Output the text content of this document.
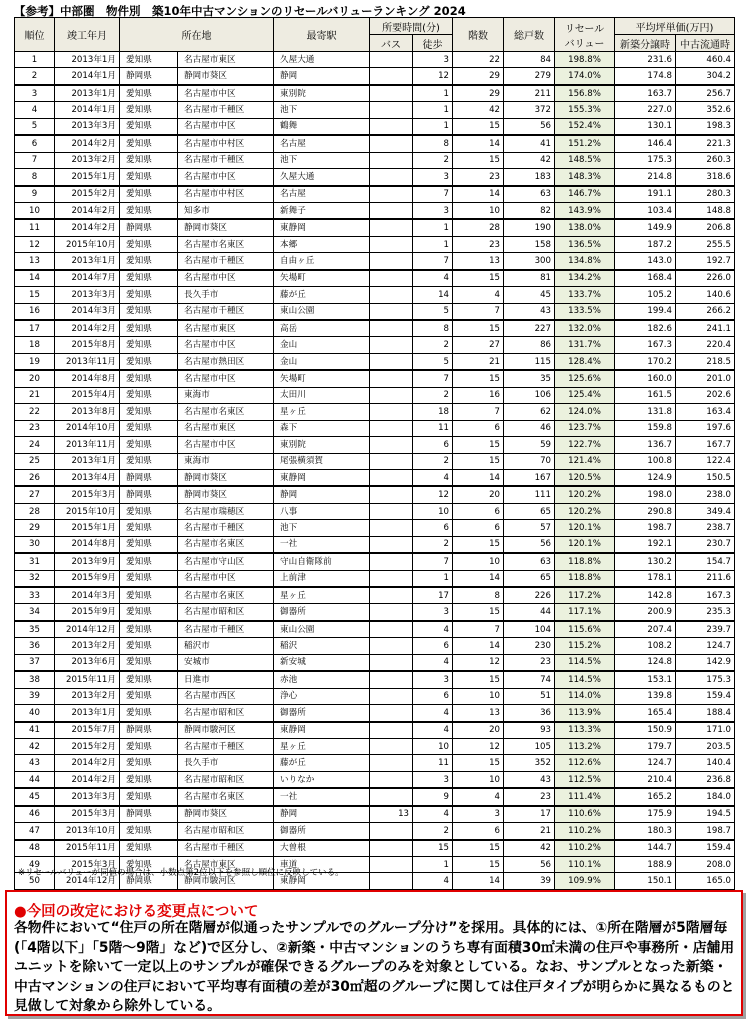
【参考】中部圏　物件別　築10年中古マンションのリセールバリューランキング 2024
順位	竣工年月	所在地		最寄駅	所要時間(分)		階数	総戸数	リセール
バリュー	平均坪単価(万円)	
					バス	徒歩				新築分譲時	中古流通時
1	2013年1月	愛知県	名古屋市東区	久屋大通		3	22	84	198.8%	231.6	460.4
2	2014年1月	静岡県	静岡市葵区	静岡		12	29	279	174.0%	174.8	304.2
3	2013年1月	愛知県	名古屋市中区	東別院		1	29	211	156.8%	163.7	256.7
4	2014年1月	愛知県	名古屋市千種区	池下		1	42	372	155.3%	227.0	352.6
5	2013年3月	愛知県	名古屋市中区	鶴舞		1	15	56	152.4%	130.1	198.3
6	2014年2月	愛知県	名古屋市中村区	名古屋		8	14	41	151.2%	146.4	221.3
7	2013年2月	愛知県	名古屋市千種区	池下		2	15	42	148.5%	175.3	260.3
8	2015年1月	愛知県	名古屋市中区	久屋大通		3	23	183	148.3%	214.8	318.6
9	2015年2月	愛知県	名古屋市中村区	名古屋		7	14	63	146.7%	191.1	280.3
10	2014年2月	愛知県	知多市	新舞子		3	10	82	143.9%	103.4	148.8
11	2014年2月	静岡県	静岡市葵区	東静岡		1	28	190	138.0%	149.9	206.8
12	2015年10月	愛知県	名古屋市名東区	本郷		1	23	158	136.5%	187.2	255.5
13	2013年1月	愛知県	名古屋市千種区	自由ヶ丘		7	13	300	134.8%	143.0	192.7
14	2014年7月	愛知県	名古屋市中区	矢場町		4	15	81	134.2%	168.4	226.0
15	2013年3月	愛知県	長久手市	藤が丘		14	4	45	133.7%	105.2	140.6
16	2014年3月	愛知県	名古屋市千種区	東山公園		5	7	43	133.5%	199.4	266.2
17	2014年2月	愛知県	名古屋市東区	高岳		8	15	227	132.0%	182.6	241.1
18	2015年8月	愛知県	名古屋市中区	金山		2	27	86	131.7%	167.3	220.4
19	2013年11月	愛知県	名古屋市熱田区	金山		5	21	115	128.4%	170.2	218.5
20	2014年8月	愛知県	名古屋市中区	矢場町		7	15	35	125.6%	160.0	201.0
21	2015年4月	愛知県	東海市	太田川		2	16	106	125.4%	161.5	202.6
22	2013年8月	愛知県	名古屋市名東区	星ヶ丘		18	7	62	124.0%	131.8	163.4
23	2014年10月	愛知県	名古屋市東区	森下		11	6	46	123.7%	159.8	197.6
24	2013年11月	愛知県	名古屋市中区	東別院		6	15	59	122.7%	136.7	167.7
25	2013年1月	愛知県	東海市	尾張横須賀		2	15	70	121.4%	100.8	122.4
26	2013年4月	静岡県	静岡市葵区	東静岡		4	14	167	120.5%	124.9	150.5
27	2015年3月	静岡県	静岡市葵区	静岡		12	20	111	120.2%	198.0	238.0
28	2015年10月	愛知県	名古屋市瑞穂区	八事		10	6	65	120.2%	290.8	349.4
29	2015年1月	愛知県	名古屋市千種区	池下		6	6	57	120.1%	198.7	238.7
30	2014年8月	愛知県	名古屋市名東区	一社		2	15	56	120.1%	192.1	230.7
31	2013年9月	愛知県	名古屋市守山区	守山自衛隊前		7	10	63	118.8%	130.2	154.7
32	2015年9月	愛知県	名古屋市中区	上前津		1	14	65	118.8%	178.1	211.6
33	2014年3月	愛知県	名古屋市名東区	星ヶ丘		17	8	226	117.2%	142.8	167.3
34	2015年9月	愛知県	名古屋市昭和区	御器所		3	15	44	117.1%	200.9	235.3
35	2014年12月	愛知県	名古屋市千種区	東山公園		4	7	104	115.6%	207.4	239.7
36	2013年2月	愛知県	稲沢市	稲沢		6	14	230	115.2%	108.2	124.7
37	2013年6月	愛知県	安城市	新安城		4	12	23	114.5%	124.8	142.9
38	2015年11月	愛知県	日進市	赤池		3	15	74	114.5%	153.1	175.3
39	2013年2月	愛知県	名古屋市西区	浄心		6	10	51	114.0%	139.8	159.4
40	2013年1月	愛知県	名古屋市昭和区	御器所		4	13	36	113.9%	165.4	188.4
41	2015年7月	静岡県	静岡市駿河区	東静岡		4	20	93	113.3%	150.9	171.0
42	2015年2月	愛知県	名古屋市千種区	星ヶ丘		10	12	105	113.2%	179.7	203.5
43	2014年2月	愛知県	長久手市	藤が丘		11	15	352	112.6%	124.7	140.4
44	2014年2月	愛知県	名古屋市昭和区	いりなか		3	10	43	112.5%	210.4	236.8
45	2013年3月	愛知県	名古屋市名東区	一社		9	4	23	111.4%	165.2	184.0
46	2015年3月	静岡県	静岡市葵区	静岡	13	4	3	17	110.6%	175.9	194.5
47	2013年10月	愛知県	名古屋市昭和区	御器所		2	6	21	110.2%	180.3	198.7
48	2015年11月	愛知県	名古屋市千種区	大曽根		15	15	42	110.2%	144.7	159.4
49	2015年3月	愛知県	名古屋市東区	車道		1	15	56	110.1%	188.9	208.0
50	2014年12月	静岡県	静岡市駿河区	東静岡		4	14	39	109.9%	150.1	165.0
※リセールバリューが同値の場合は、小数点第2位以下を参照し順位に反映している。
●今回の改定における変更点について
各物件において“住戸の所在階層が似通ったサンプルでのグループ分け”を採用。具体的には、①所在階層が5階層毎(「4階以下」「5階～9階」など)で区分し、②新築・中古マンションのうち専有面積30㎡未満の住戸や事務所・店舗用ユニットを除いて一定以上のサンプルが確保できるグループのみを対象としている。なお、サンプルとなった新築・中古マンションの住戸において平均専有面積の差が30㎡超のグループに関しては住戸タイプが明らかに異なるものと見做して対象から除外している。
